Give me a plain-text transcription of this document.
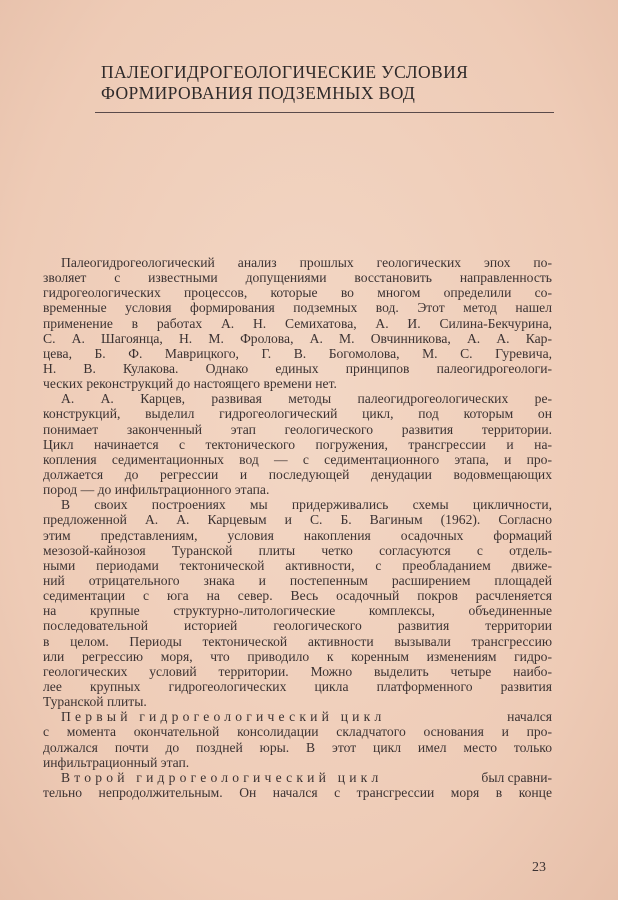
ПАЛЕОГИДРОГЕОЛОГИЧЕСКИЕ УСЛОВИЯ
ФОРМИРОВАНИЯ ПОДЗЕМНЫХ ВОД
Палеогидрогеологический анализ прошлых геологических эпох по-
зволяет с известными допущениями восстановить направленность
гидрогеологических процессов, которые во многом определили со-
временные условия формирования подземных вод. Этот метод нашел
применение в работах А. Н. Семихатова, А. И. Силина-Бекчурина,
С. А. Шагоянца, Н. М. Фролова, А. М. Овчинникова, А. А. Кар-
цева, Б. Ф. Маврицкого, Г. В. Богомолова, М. С. Гуревича,
Н. В. Кулакова. Однако единых принципов палеогидрогеологи-
ческих реконструкций до настоящего времени нет.
А. А. Карцев, развивая методы палеогидрогеологических ре-
конструкций, выделил гидрогеологический цикл, под которым он
понимает законченный этап геологического развития территории.
Цикл начинается с тектонического погружения, трансгрессии и на-
копления седиментационных вод — с седиментационного этапа, и про-
должается до регрессии и последующей денудации водовмещающих
пород — до инфильтрационного этапа.
В своих построениях мы придерживались схемы цикличности,
предложенной А. А. Карцевым и С. Б. Вагиным (1962). Согласно
этим представлениям, условия накопления осадочных формаций
мезозой-кайнозоя Туранской плиты четко согласуются с отдель-
ными периодами тектонической активности, с преобладанием движе-
ний отрицательного знака и постепенным расширением площадей
седиментации с юга на север. Весь осадочный покров расчленяется
на крупные структурно-литологические комплексы, объединенные
последовательной историей геологического развития территории
в целом. Периоды тектонической активности вызывали трансгрессию
или регрессию моря, что приводило к коренным изменениям гидро-
геологических условий территории. Можно выделить четыре наибо-
лее крупных гидрогеологических цикла платформенного развития
Туранской плиты.
Первый гидрогеологический цикл	начался
с момента окончательной консолидации складчатого основания и про-
должался почти до поздней юры. В этот цикл имел место только
инфильтрационный этап.
Второй гидрогеологический цикл	был сравни-
тельно непродолжительным. Он начался с трансгрессии моря в конце
23
